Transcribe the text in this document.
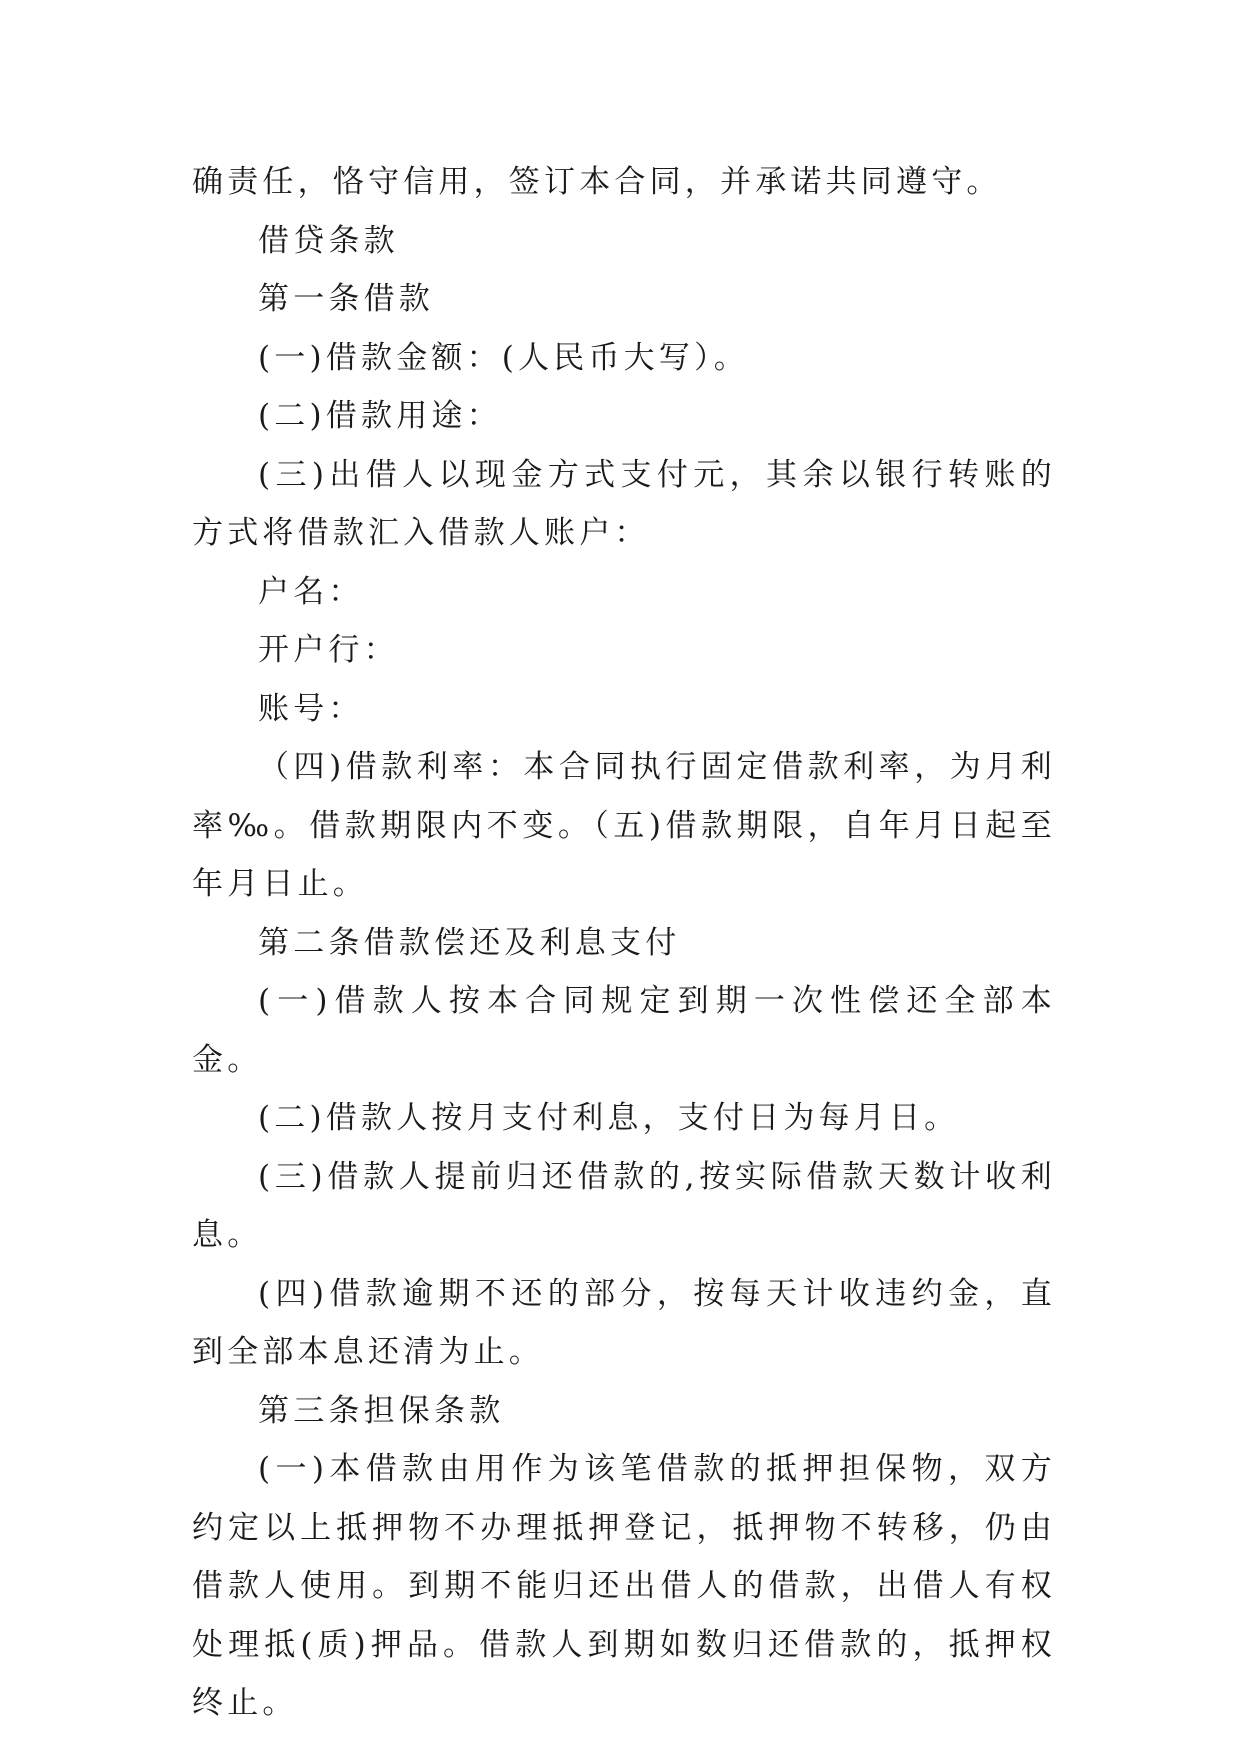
确责任，恪守信用，签订本合同，并承诺共同遵守。

借贷条款

第一条借款

(一)借款金额：(人民币大写）。

(二)借款用途：

(三)出借人以现金方式支付元，其余以银行转账的方式将借款汇入借款人账户：

户名：

开户行：

账号：

（四)借款利率：本合同执行固定借款利率，为月利率‰。借款期限内不变。（五)借款期限，自年月日起至年月日止。

第二条借款偿还及利息支付

(一)借款人按本合同规定到期一次性偿还全部本金。

(二)借款人按月支付利息，支付日为每月日。

(三)借款人提前归还借款的,按实际借款天数计收利息。

(四)借款逾期不还的部分，按每天计收违约金，直到全部本息还清为止。

第三条担保条款

(一)本借款由用作为该笔借款的抵押担保物，双方约定以上抵押物不办理抵押登记，抵押物不转移，仍由借款人使用。到期不能归还出借人的借款，出借人有权处理抵(质)押品。借款人到期如数归还借款的，抵押权终止。
